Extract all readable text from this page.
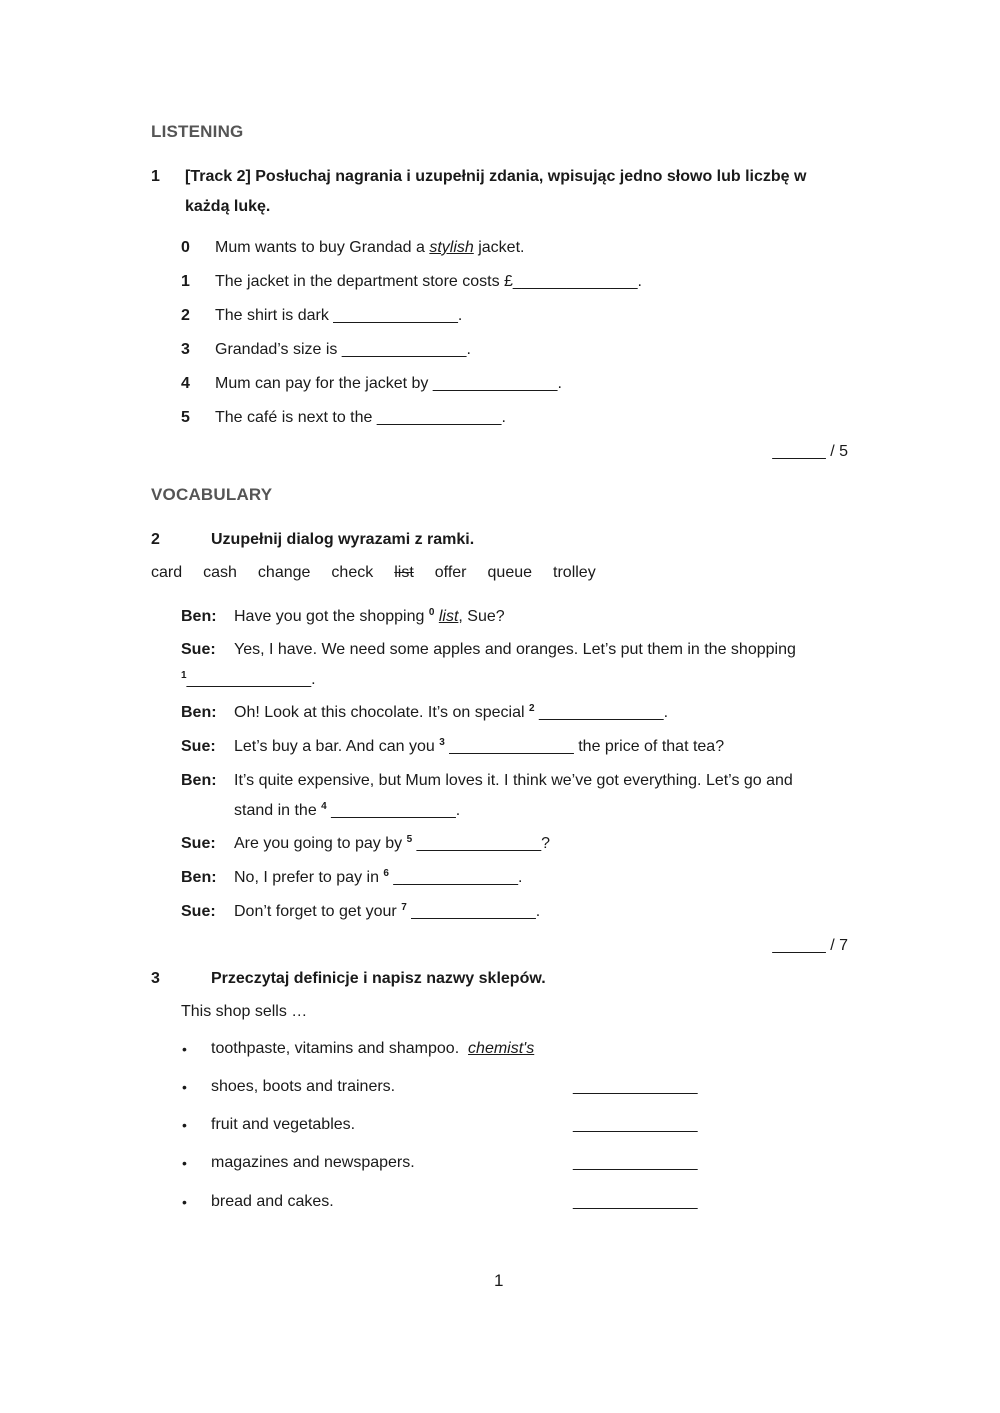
LISTENING
1 [Track 2] Posłuchaj nagrania i uzupełnij zdania, wpisując jedno słowo lub liczbę w
każdą lukę.
0 Mum wants to buy Grandad a stylish jacket.
1 The jacket in the department store costs £______________.
2 The shirt is dark ______________.
3 Grandad’s size is ______________.
4 Mum can pay for the jacket by ______________.
5 The café is next to the ______________.
______ / 5
VOCABULARY
2	Uzupełnij dialog wyrazami z ramki.
card cash change check list offer queue trolley
Ben: Have you got the shopping $^0$ list, Sue?
Sue: Yes, I have. We need some apples and oranges. Let’s put them in the shopping
$^1$______________.
Ben: Oh! Look at this chocolate. It’s on special $^2$ ______________.
Sue: Let’s buy a bar. And can you $^3$ ______________ the price of that tea?
Ben: It’s quite expensive, but Mum loves it. I think we’ve got everything. Let’s go and
stand in the $^4$ ______________.
Sue: Are you going to pay by $^5$ ______________?
Ben: No, I prefer to pay in $^6$ ______________.
Sue: Don’t forget to get your $^7$ ______________.
______ / 7
3	Przeczytaj definicje i napisz nazwy sklepów.
This shop sells …
• toothpaste, vitamins and shampoo. chemist's
• shoes, boots and trainers.	______________
• fruit and vegetables.	______________
• magazines and newspapers.	______________
• bread and cakes.	______________
1
